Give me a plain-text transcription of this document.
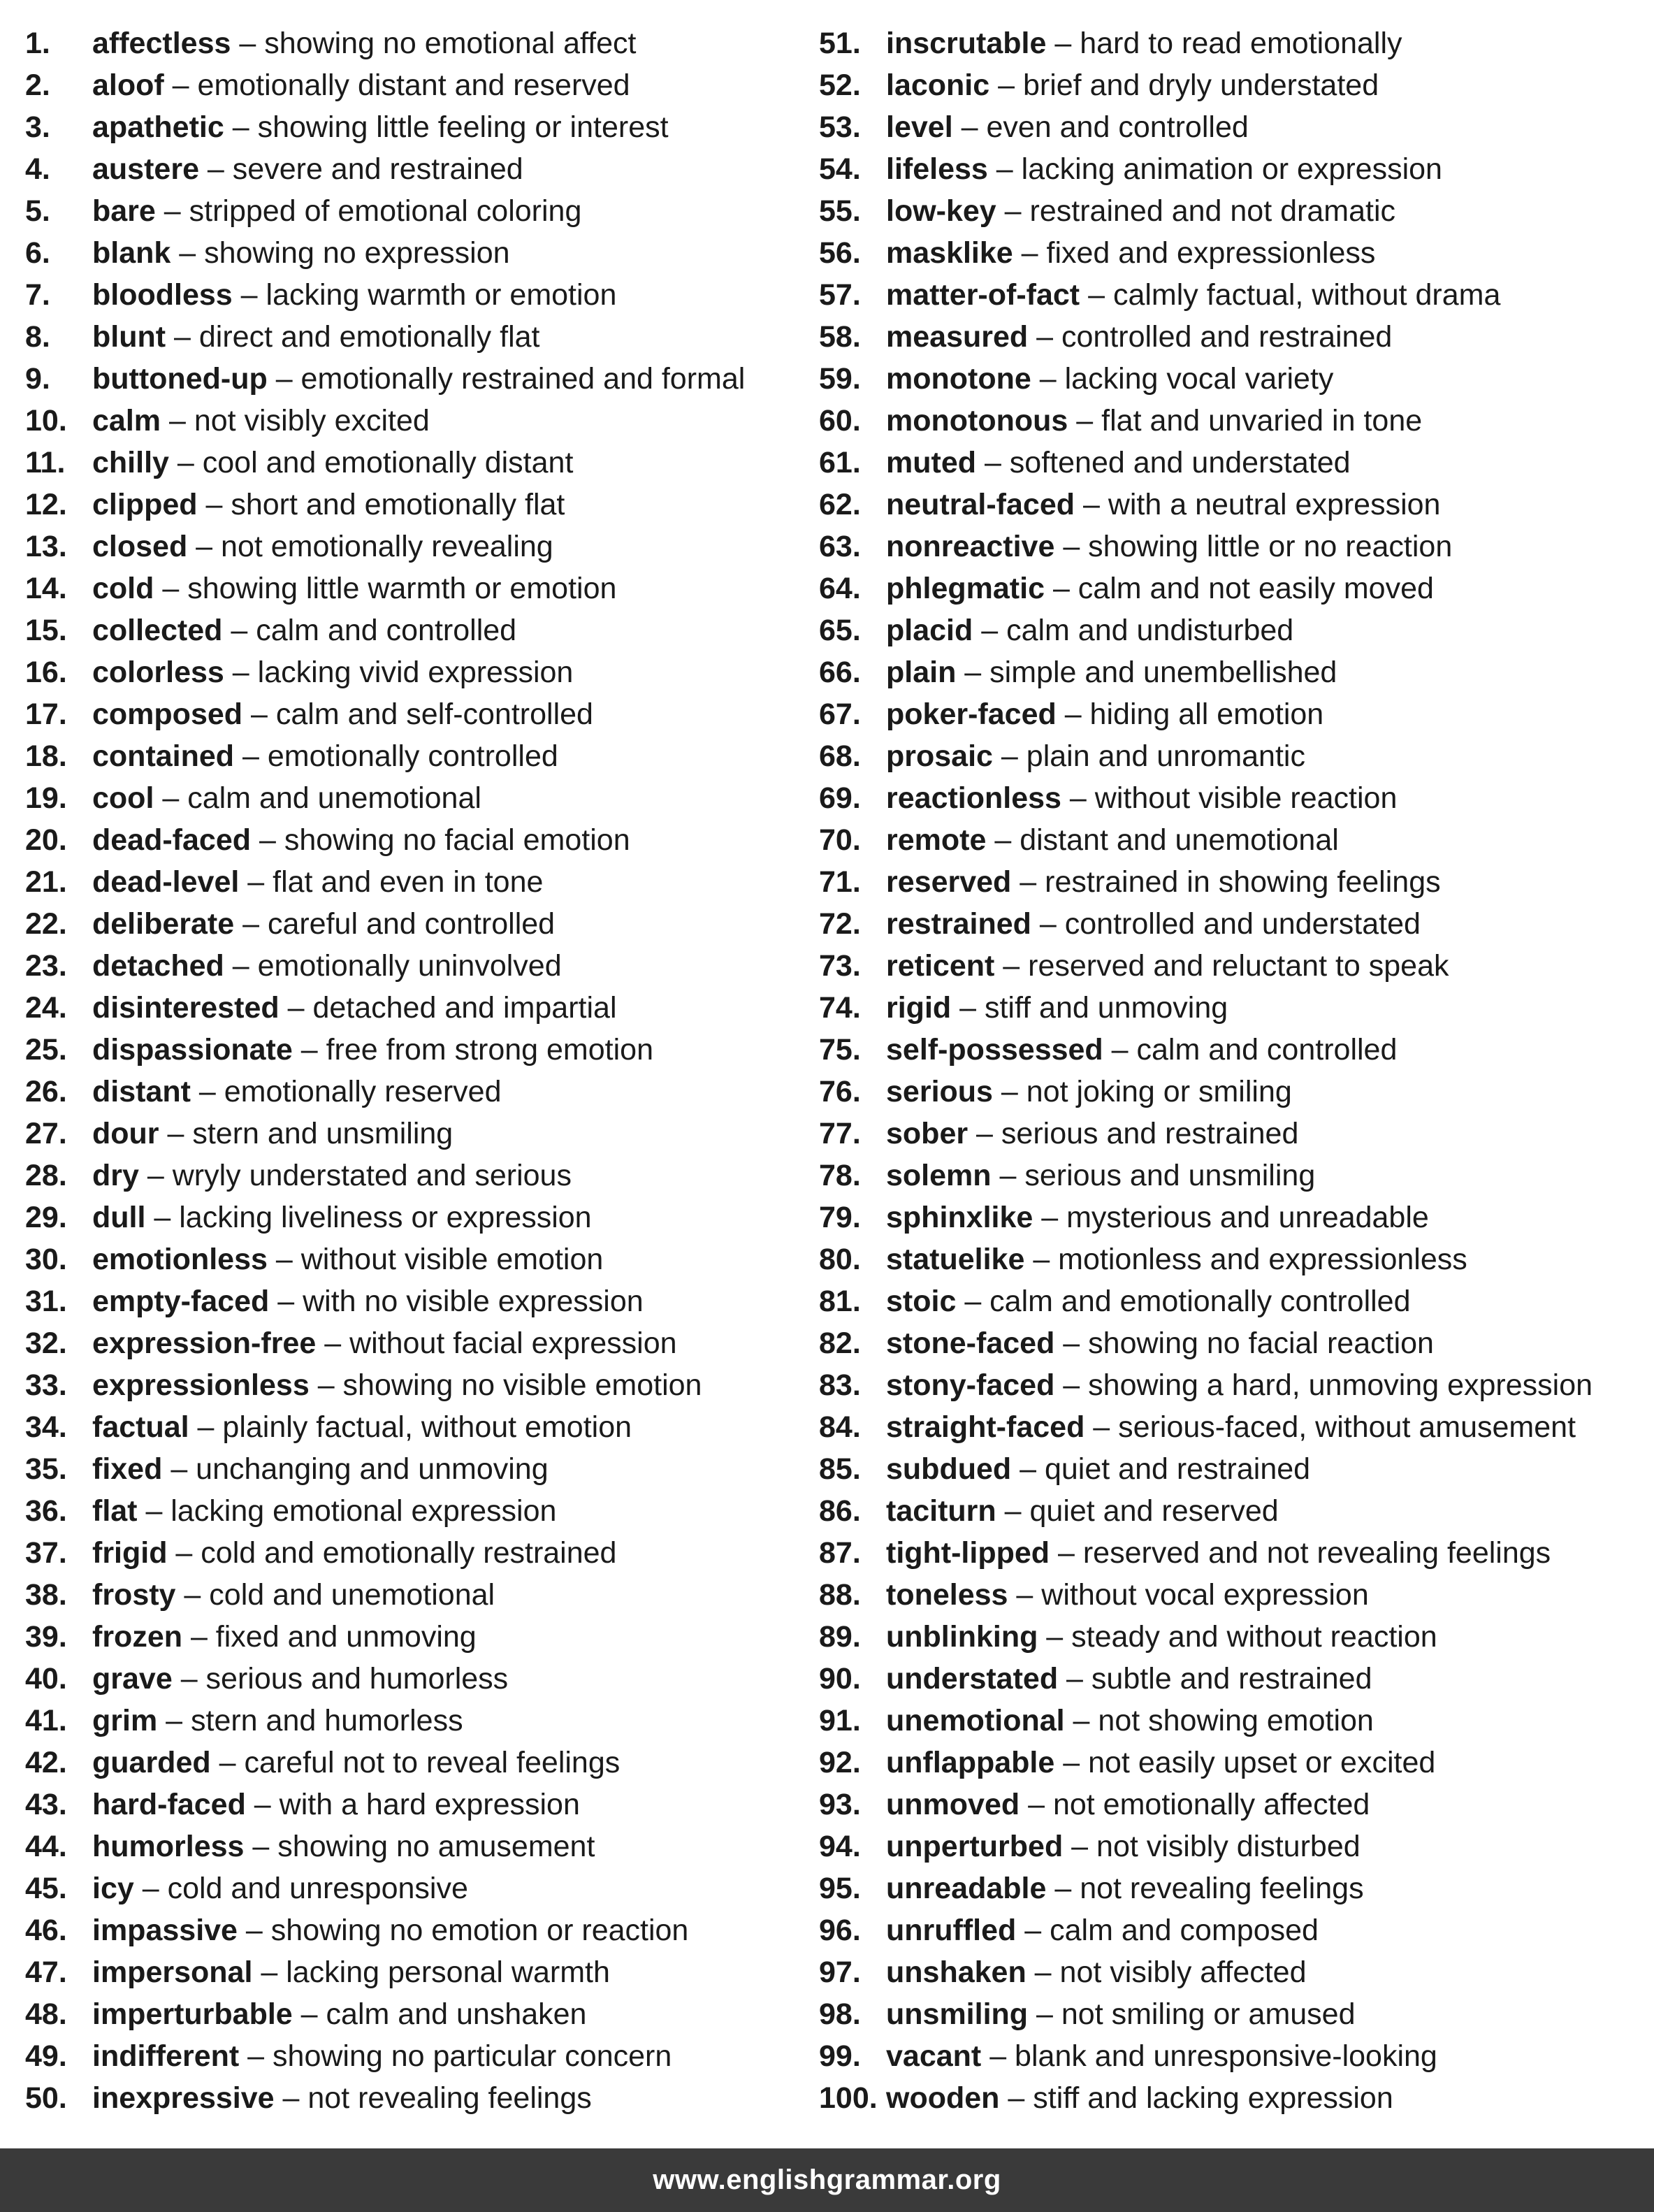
1. affectless – showing no emotional affect
2. aloof – emotionally distant and reserved
3. apathetic – showing little feeling or interest
4. austere – severe and restrained
5. bare – stripped of emotional coloring
6. blank – showing no expression
7. bloodless – lacking warmth or emotion
8. blunt – direct and emotionally flat
9. buttoned-up – emotionally restrained and formal
10. calm – not visibly excited
11. chilly – cool and emotionally distant
12. clipped – short and emotionally flat
13. closed – not emotionally revealing
14. cold – showing little warmth or emotion
15. collected – calm and controlled
16. colorless – lacking vivid expression
17. composed – calm and self-controlled
18. contained – emotionally controlled
19. cool – calm and unemotional
20. dead-faced – showing no facial emotion
21. dead-level – flat and even in tone
22. deliberate – careful and controlled
23. detached – emotionally uninvolved
24. disinterested – detached and impartial
25. dispassionate – free from strong emotion
26. distant – emotionally reserved
27. dour – stern and unsmiling
28. dry – wryly understated and serious
29. dull – lacking liveliness or expression
30. emotionless – without visible emotion
31. empty-faced – with no visible expression
32. expression-free – without facial expression
33. expressionless – showing no visible emotion
34. factual – plainly factual, without emotion
35. fixed – unchanging and unmoving
36. flat – lacking emotional expression
37. frigid – cold and emotionally restrained
38. frosty – cold and unemotional
39. frozen – fixed and unmoving
40. grave – serious and humorless
41. grim – stern and humorless
42. guarded – careful not to reveal feelings
43. hard-faced – with a hard expression
44. humorless – showing no amusement
45. icy – cold and unresponsive
46. impassive – showing no emotion or reaction
47. impersonal – lacking personal warmth
48. imperturbable – calm and unshaken
49. indifferent – showing no particular concern
50. inexpressive – not revealing feelings
51. inscrutable – hard to read emotionally
52. laconic – brief and dryly understated
53. level – even and controlled
54. lifeless – lacking animation or expression
55. low-key – restrained and not dramatic
56. masklike – fixed and expressionless
57. matter-of-fact – calmly factual, without drama
58. measured – controlled and restrained
59. monotone – lacking vocal variety
60. monotonous – flat and unvaried in tone
61. muted – softened and understated
62. neutral-faced – with a neutral expression
63. nonreactive – showing little or no reaction
64. phlegmatic – calm and not easily moved
65. placid – calm and undisturbed
66. plain – simple and unembellished
67. poker-faced – hiding all emotion
68. prosaic – plain and unromantic
69. reactionless – without visible reaction
70. remote – distant and unemotional
71. reserved – restrained in showing feelings
72. restrained – controlled and understated
73. reticent – reserved and reluctant to speak
74. rigid – stiff and unmoving
75. self-possessed – calm and controlled
76. serious – not joking or smiling
77. sober – serious and restrained
78. solemn – serious and unsmiling
79. sphinxlike – mysterious and unreadable
80. statuelike – motionless and expressionless
81. stoic – calm and emotionally controlled
82. stone-faced – showing no facial reaction
83. stony-faced – showing a hard, unmoving expression
84. straight-faced – serious-faced, without amusement
85. subdued – quiet and restrained
86. taciturn – quiet and reserved
87. tight-lipped – reserved and not revealing feelings
88. toneless – without vocal expression
89. unblinking – steady and without reaction
90. understated – subtle and restrained
91. unemotional – not showing emotion
92. unflappable – not easily upset or excited
93. unmoved – not emotionally affected
94. unperturbed – not visibly disturbed
95. unreadable – not revealing feelings
96. unruffled – calm and composed
97. unshaken – not visibly affected
98. unsmiling – not smiling or amused
99. vacant – blank and unresponsive-looking
100. wooden – stiff and lacking expression
www.englishgrammar.org
